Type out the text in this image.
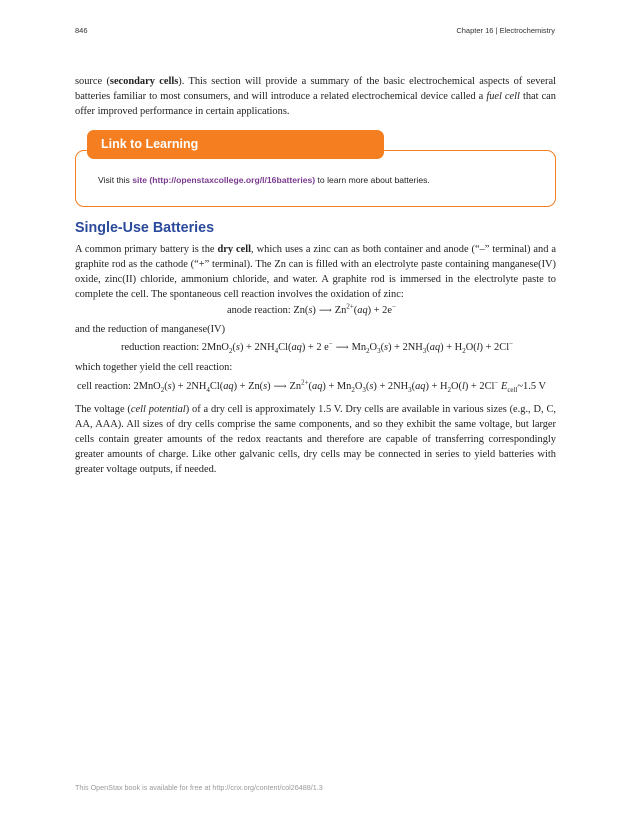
846	Chapter 16 | Electrochemistry

source (secondary cells). This section will provide a summary of the basic electrochemical aspects of several batteries familiar to most consumers, and will introduce a related electrochemical device called a fuel cell that can offer improved performance in certain applications.

Link to Learning
Visit this site (http://openstaxcollege.org/l/16batteries) to learn more about batteries.
Single-Use Batteries

A common primary battery is the dry cell, which uses a zinc can as both container and anode (“–” terminal) and a graphite rod as the cathode (“+” terminal). The Zn can is filled with an electrolyte paste containing manganese(IV) oxide, zinc(II) chloride, ammonium chloride, and water. A graphite rod is immersed in the electrolyte paste to complete the cell. The spontaneous cell reaction involves the oxidation of zinc:

anode reaction: Zn(s) ⟶ $Zn^{2+}(aq) + 2e^-$

and the reduction of manganese(IV)

reduction reaction: $2MnO_2(s) + 2NH_4Cl(aq) + 2$ e− ⟶ $Mn_2O_3(s) + 2NH_3(aq) + H_2O(l) + 2Cl^-$

which together yield the cell reaction:

cell reaction: $2MnO_2(s) + 2NH_4Cl(aq) + Zn(s)$ ⟶ $Zn^{2+}(aq) + Mn_2O_3(s) + 2NH_3(aq) + H_2O(l) + 2Cl^-$ $E_{cell}\sim 1.5$ V

The voltage (cell potential) of a dry cell is approximately 1.5 V. Dry cells are available in various sizes (e.g., D, C, AA, AAA). All sizes of dry cells comprise the same components, and so they exhibit the same voltage, but larger cells contain greater amounts of the redox reactants and therefore are capable of transferring correspondingly greater amounts of charge. Like other galvanic cells, dry cells may be connected in series to yield batteries with greater voltage outputs, if needed.

This OpenStax book is available for free at http://cnx.org/content/col26488/1.3
